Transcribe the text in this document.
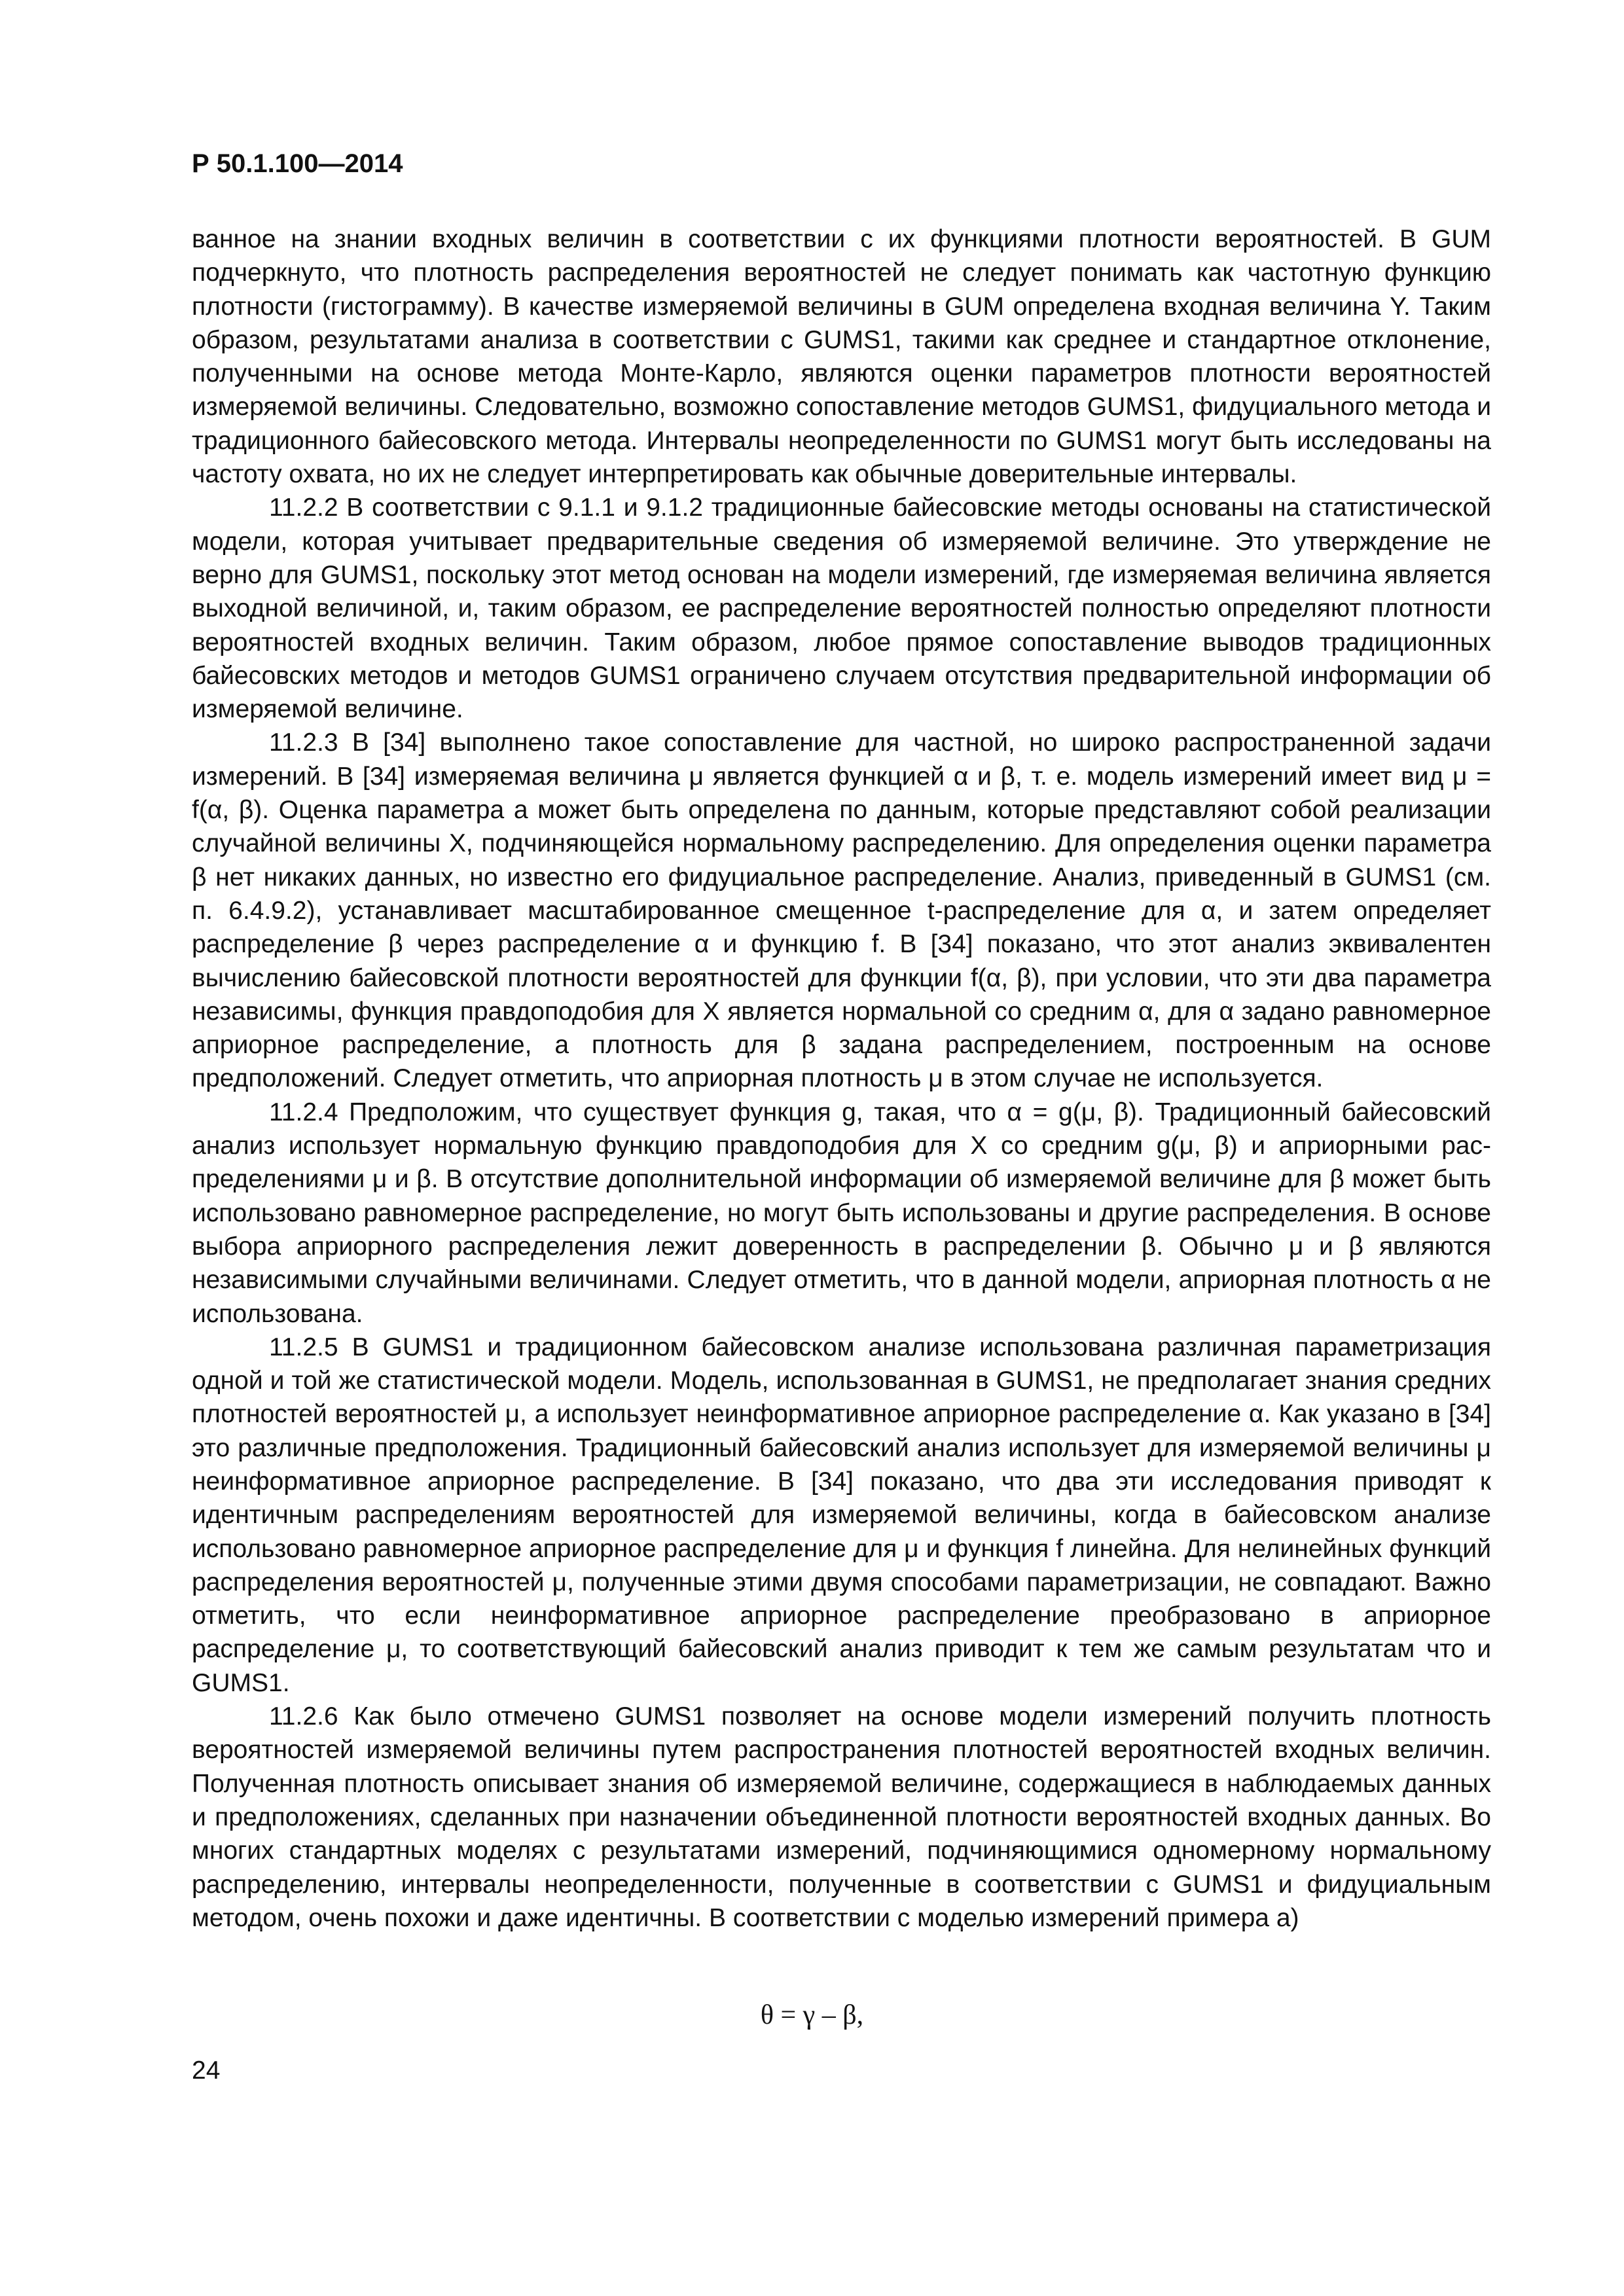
Р 50.1.100—2014

ванное на знании входных величин в соответствии с их функциями плотности вероятностей. В GUM подчеркнуто, что плотность распределения вероятностей не следует понимать как частотную функцию плотности (гистограмму). В качестве измеряемой величины в GUM определена входная величина Y. Таким образом, результатами анализа в соответствии с GUMS1, такими как среднее и стандартное отклонение, полученными на основе метода Монте-Карло, являются оценки параметров плотности вероятностей измеряемой величины. Следовательно, возможно сопоставление методов GUMS1, фидуциального метода и традиционного байесовского метода. Интервалы неопределенности по GUMS1 могут быть исследованы на частоту охвата, но их не следует интерпретировать как обычные доверительные интервалы.

11.2.2 В соответствии с 9.1.1 и 9.1.2 традиционные байесовские методы основаны на статистической модели, которая учитывает предварительные сведения об измеряемой величине. Это утверждение не верно для GUMS1, поскольку этот метод основан на модели измерений, где измеряемая величина является выходной величиной, и, таким образом, ее распределение вероятностей полностью определяют плотности вероятностей входных величин. Таким образом, любое прямое сопоставление выводов традиционных байесовских методов и методов GUMS1 ограничено случаем отсутствия предварительной информации об измеряемой величине.

11.2.3 В [34] выполнено такое сопоставление для частной, но широко распространенной задачи измерений. В [34] измеряемая величина μ является функцией α и β, т. е. модель измерений имеет вид μ = f(α, β). Оценка параметра a может быть определена по данным, которые представляют собой реализации случайной величины X, подчиняющейся нормальному распределению. Для определения оценки параметра β нет никаких данных, но известно его фидуциальное распределение. Анализ, приведенный в GUMS1 (см. п. 6.4.9.2), устанавливает масштабированное смещенное t-распределение для α, и затем определяет распределение β через распределение α и функцию f. В [34] показано, что этот анализ эквивалентен вычислению байесовской плотности вероятностей для функции f(α, β), при условии, что эти два параметра независимы, функция правдоподобия для X является нормальной со средним α, для α задано равномерное априорное распределение, а плотность для β задана распределением, построенным на основе предположений. Следует отметить, что априорная плотность μ в этом случае не используется.

11.2.4 Предположим, что существует функция g, такая, что α = g(μ, β). Традиционный байесовский анализ использует нормальную функцию правдоподобия для X со средним g(μ, β) и априорными распределениями μ и β. В отсутствие дополнительной информации об измеряемой величине для β может быть использовано равномерное распределение, но могут быть использованы и другие распределения. В основе выбора априорного распределения лежит доверенность в распределении β. Обычно μ и β являются независимыми случайными величинами. Следует отметить, что в данной модели, априорная плотность α не использована.

11.2.5 В GUMS1 и традиционном байесовском анализе использована различная параметризация одной и той же статистической модели. Модель, использованная в GUMS1, не предполагает знания средних плотностей вероятностей μ, а использует неинформативное априорное распределение α. Как указано в [34] это различные предположения. Традиционный байесовский анализ использует для измеряемой величины μ неинформативное априорное распределение. В [34] показано, что два эти исследования приводят к идентичным распределениям вероятностей для измеряемой величины, когда в байесовском анализе использовано равномерное априорное распределение для μ и функция f линейна. Для нелинейных функций распределения вероятностей μ, полученные этими двумя способами параметризации, не совпадают. Важно отметить, что если неинформативное априорное распределение преобразовано в априорное распределение μ, то соответствующий байесовский анализ приводит к тем же самым результатам что и GUMS1.

11.2.6 Как было отмечено GUMS1 позволяет на основе модели измерений получить плотность вероятностей измеряемой величины путем распространения плотностей вероятностей входных величин. Полученная плотность описывает знания об измеряемой величине, содержащиеся в наблюдаемых данных и предположениях, сделанных при назначении объединенной плотности вероятностей входных данных. Во многих стандартных моделях с результатами измерений, подчиняющимися одномерному нормальному распределению, интервалы неопределенности, полученные в соответствии с GUMS1 и фидуциальным методом, очень похожи и даже идентичны. В соответствии с моделью измерений примера а)

θ = γ – β,
24
